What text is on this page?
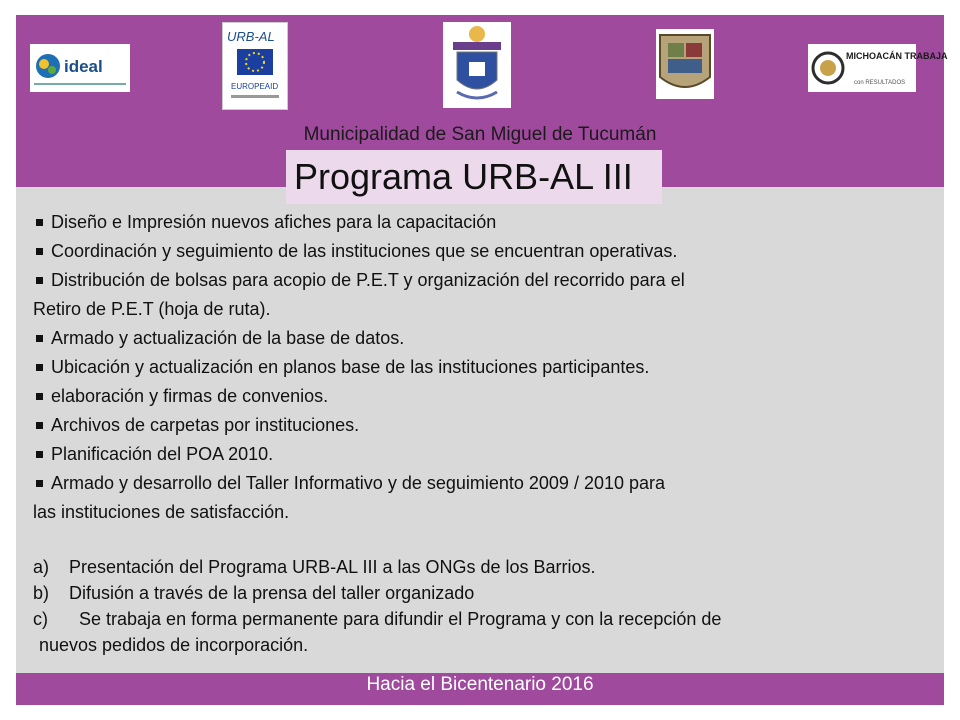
ideal
URB-AL
EUROPEAID
MICHOACÁN TRABAJA
con RESULTADOS
Municipalidad de San Miguel de Tucumán
Diseño e Impresión nuevos afiches para la capacitación
Coordinación y seguimiento de las instituciones que se encuentran operativas.
Distribución de bolsas para acopio de P.E.T y organización del recorrido para el
Retiro de P.E.T (hoja de ruta).
Armado y actualización de la base de datos.
Ubicación y actualización en planos base de las instituciones participantes.
elaboración y firmas de convenios.
Archivos de carpetas por instituciones.
Planificación del POA 2010.
Armado y desarrollo del Taller Informativo y de seguimiento 2009 / 2010 para
las instituciones de satisfacción.
a) Presentación del Programa URB-AL III a las ONGs de los Barrios.
b) Difusión a través de la prensa del taller organizado
c)  Se trabaja en forma permanente para difundir el Programa y con la recepción de
nuevos pedidos de incorporación.
Programa URB-AL III
Hacia el Bicentenario 2016
